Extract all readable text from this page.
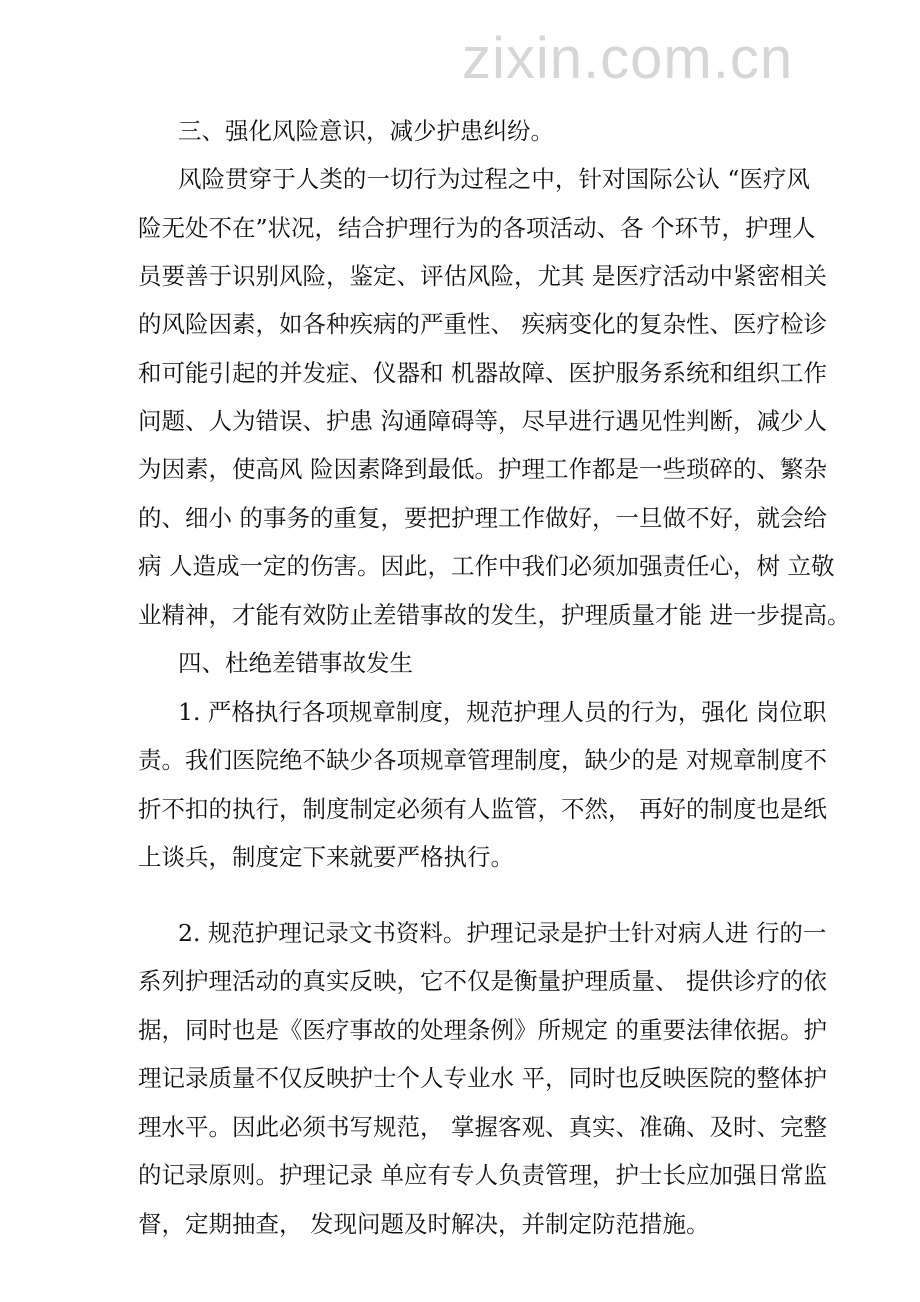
zixin.com.cn
三、强化风险意识，减少护患纠纷。
风险贯穿于人类的一切行为过程之中，针对国际公认 “医疗风
险无处不在”状况，结合护理行为的各项活动、各 个环节，护理人
员要善于识别风险，鉴定、评估风险，尤其 是医疗活动中紧密相关
的风险因素，如各种疾病的严重性、 疾病变化的复杂性、医疗检诊
和可能引起的并发症、仪器和 机器故障、医护服务系统和组织工作
问题、人为错误、护患 沟通障碍等，尽早进行遇见性判断，减少人
为因素，使高风 险因素降到最低。护理工作都是一些琐碎的、繁杂
的、细小 的事务的重复，要把护理工作做好，一旦做不好，就会给
病 人造成一定的伤害。因此，工作中我们必须加强责任心，树 立敬
业精神，才能有效防止差错事故的发生，护理质量才能 进一步提高。
四、杜绝差错事故发生
1. 严格执行各项规章制度，规范护理人员的行为，强化 岗位职
责。我们医院绝不缺少各项规章管理制度，缺少的是 对规章制度不
折不扣的执行，制度制定必须有人监管，不然， 再好的制度也是纸
上谈兵，制度定下来就要严格执行。
2. 规范护理记录文书资料。护理记录是护士针对病人进 行的一
系列护理活动的真实反映，它不仅是衡量护理质量、 提供诊疗的依
据，同时也是《医疗事故的处理条例》所规定 的重要法律依据。护
理记录质量不仅反映护士个人专业水 平，同时也反映医院的整体护
理水平。因此必须书写规范， 掌握客观、真实、准确、及时、完整
的记录原则。护理记录 单应有专人负责管理，护士长应加强日常监
督，定期抽查， 发现问题及时解决，并制定防范措施。
